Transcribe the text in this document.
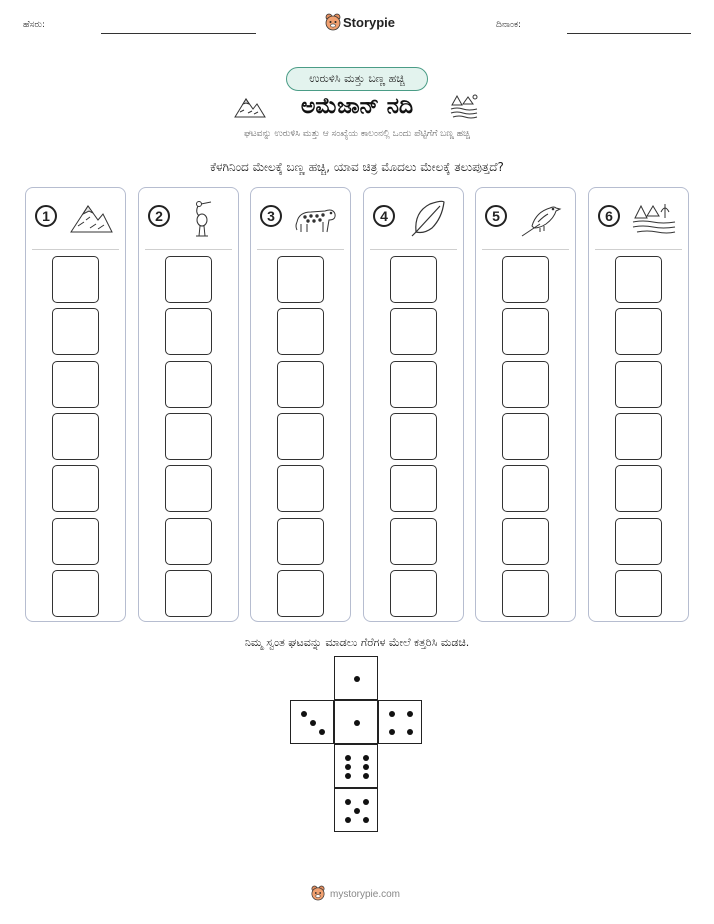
ಹೆಸರು:	Storypie	ದಿನಾಂಕ:
ಉರುಳಿಸಿ ಮತ್ತು ಬಣ್ಣ ಹಚ್ಚಿ
ಅಮೆಜಾನ್ ನದಿ
ಘಟವನ್ನು ಉರುಳಿಸಿ ಮತ್ತು ಆ ಸಂಖ್ಯೆಯ ಕಾಲಂನಲ್ಲಿ ಒಂದು ಪೆಟ್ಟಿಗೆಗೆ ಬಣ್ಣ ಹಚ್ಚಿ
ಕೆಳಗಿನಿಂದ ಮೇಲಕ್ಕೆ ಬಣ್ಣ ಹಚ್ಚಿ, ಯಾವ ಚಿತ್ರ ಮೊದಲು ಮೇಲಕ್ಕೆ ತಲುಪುತ್ತದೆ?
1	2	3	4	5	6
ನಿಮ್ಮ ಸ್ವಂತ ಘಟವನ್ನು ಮಾಡಲು ಗೆರೆಗಳ ಮೇಲೆ ಕತ್ತರಿಸಿ ಮಡಚಿ.
mystorypie.com
